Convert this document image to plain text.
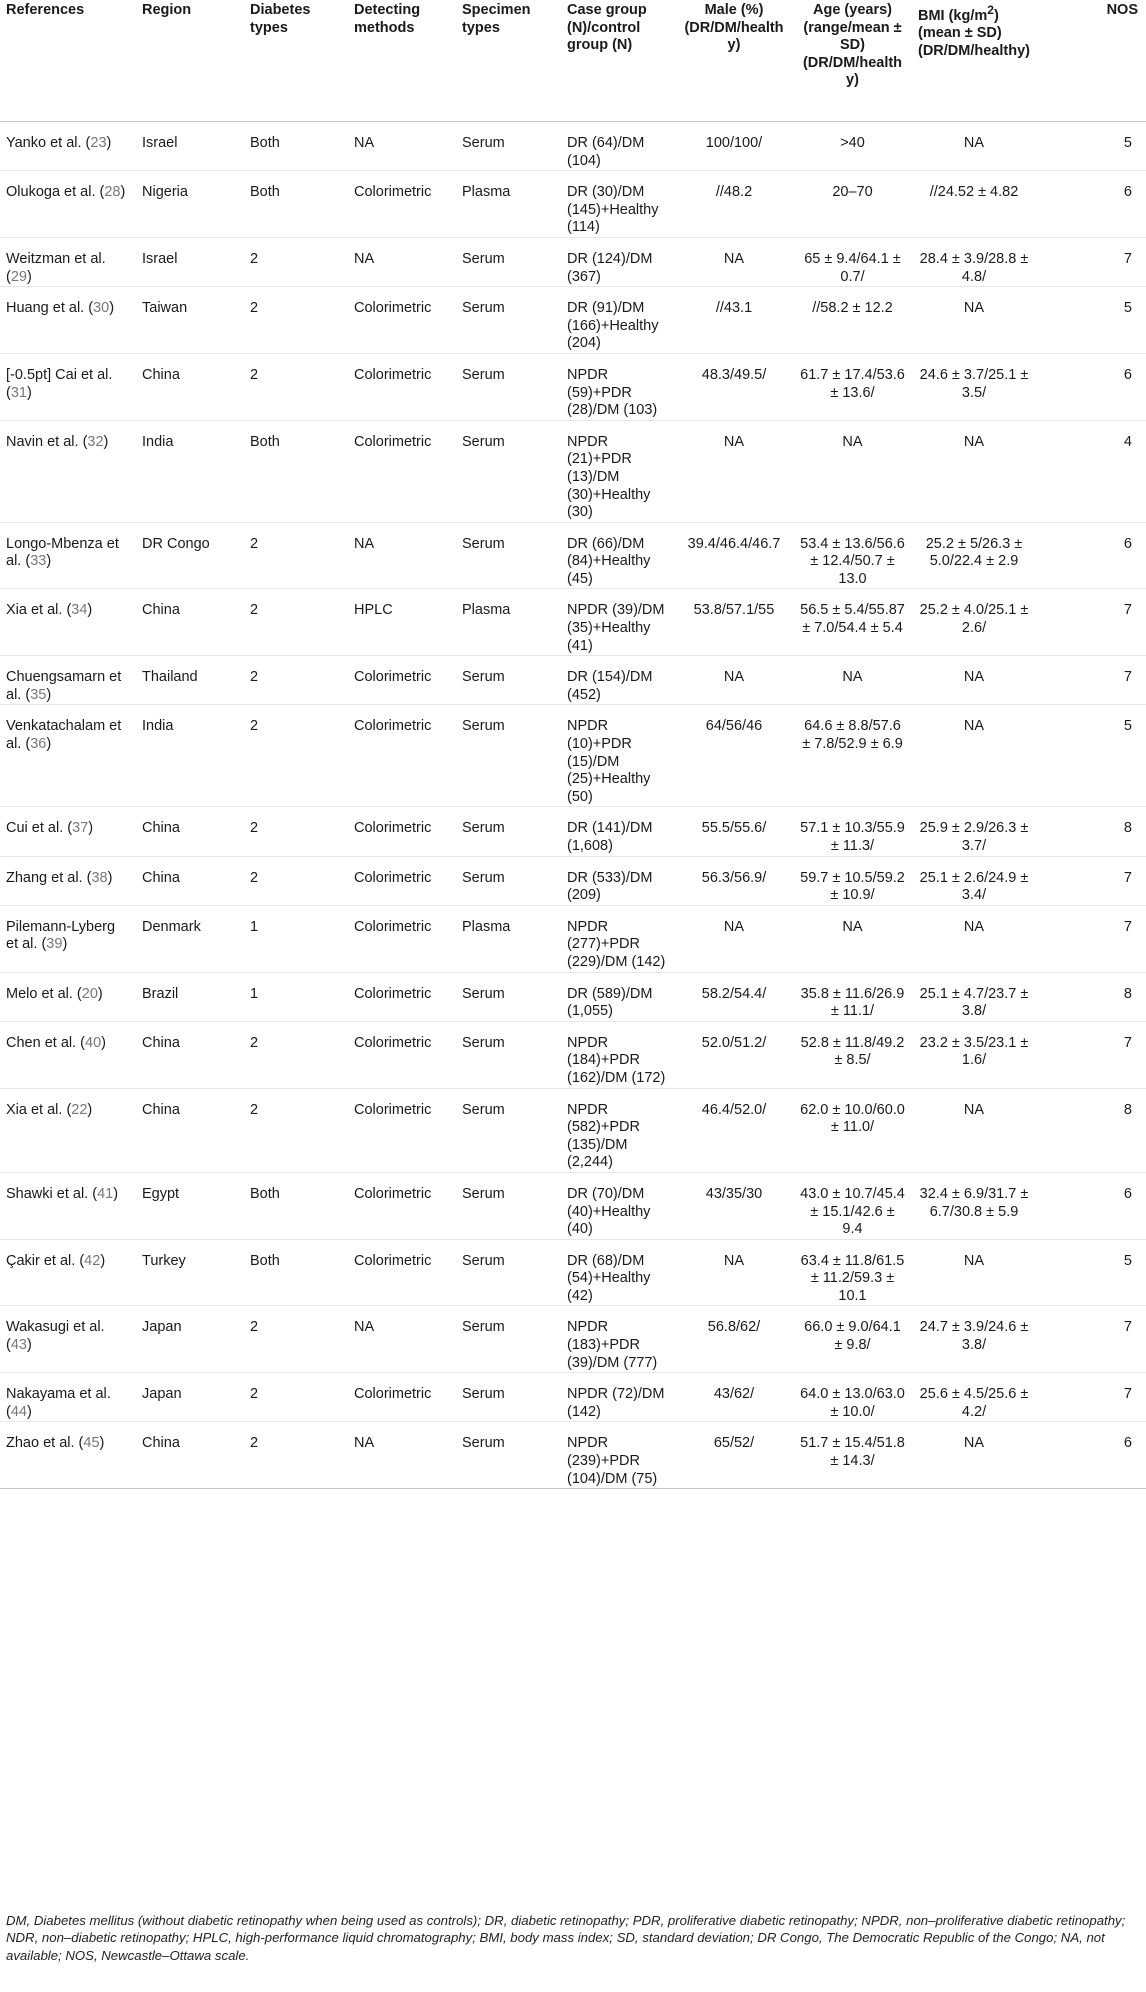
References	Region	Diabetes types	Detecting methods	Specimen types	Case group (N)/control group (N)	Male (%) (DR/DM/healthy)	Age (years) (range/mean ± SD) (DR/DM/healthy)	BMI $(kg/m^2)$ (mean ± SD) (DR/DM/healthy)	NOS
Yanko et al. (23)	Israel	Both	NA	Serum	DR (64)/DM (104)	100/100/	>40	NA	5
Olukoga et al. (28)	Nigeria	Both	Colorimetric	Plasma	DR (30)/DM (145)+Healthy (114)	//48.2	20–70	//24.52 ± 4.82	6
Weitzman et al. (29)	Israel	2	NA	Serum	DR (124)/DM (367)	NA	65 ± 9.4/64.1 ± 0.7/	28.4 ± 3.9/28.8 ± 4.8/	7
Huang et al. (30)	Taiwan	2	Colorimetric	Serum	DR (91)/DM (166)+Healthy (204)	//43.1	//58.2 ± 12.2	NA	5
[-0.5pt] Cai et al. (31)	China	2	Colorimetric	Serum	NPDR (59)+PDR (28)/DM (103)	48.3/49.5/	61.7 ± 17.4/53.6 ± 13.6/	24.6 ± 3.7/25.1 ± 3.5/	6
Navin et al. (32)	India	Both	Colorimetric	Serum	NPDR (21)+PDR (13)/DM (30)+Healthy (30)	NA	NA	NA	4
Longo-Mbenza et al. (33)	DR Congo	2	NA	Serum	DR (66)/DM (84)+Healthy (45)	39.4/46.4/46.7	53.4 ± 13.6/56.6 ± 12.4/50.7 ± 13.0	25.2 ± 5/26.3 ± 5.0/22.4 ± 2.9	6
Xia et al. (34)	China	2	HPLC	Plasma	NPDR (39)/DM (35)+Healthy (41)	53.8/57.1/55	56.5 ± 5.4/55.87 ± 7.0/54.4 ± 5.4	25.2 ± 4.0/25.1 ± 2.6/	7
Chuengsamarn et al. (35)	Thailand	2	Colorimetric	Serum	DR (154)/DM (452)	NA	NA	NA	7
Venkatachalam et al. (36)	India	2	Colorimetric	Serum	NPDR (10)+PDR (15)/DM (25)+Healthy (50)	64/56/46	64.6 ± 8.8/57.6 ± 7.8/52.9 ± 6.9	NA	5
Cui et al. (37)	China	2	Colorimetric	Serum	DR (141)/DM (1,608)	55.5/55.6/	57.1 ± 10.3/55.9 ± 11.3/	25.9 ± 2.9/26.3 ± 3.7/	8
Zhang et al. (38)	China	2	Colorimetric	Serum	DR (533)/DM (209)	56.3/56.9/	59.7 ± 10.5/59.2 ± 10.9/	25.1 ± 2.6/24.9 ± 3.4/	7
Pilemann-Lyberg et al. (39)	Denmark	1	Colorimetric	Plasma	NPDR (277)+PDR (229)/DM (142)	NA	NA	NA	7
Melo et al. (20)	Brazil	1	Colorimetric	Serum	DR (589)/DM (1,055)	58.2/54.4/	35.8 ± 11.6/26.9 ± 11.1/	25.1 ± 4.7/23.7 ± 3.8/	8
Chen et al. (40)	China	2	Colorimetric	Serum	NPDR (184)+PDR (162)/DM (172)	52.0/51.2/	52.8 ± 11.8/49.2 ± 8.5/	23.2 ± 3.5/23.1 ± 1.6/	7
Xia et al. (22)	China	2	Colorimetric	Serum	NPDR (582)+PDR (135)/DM (2,244)	46.4/52.0/	62.0 ± 10.0/60.0 ± 11.0/	NA	8
Shawki et al. (41)	Egypt	Both	Colorimetric	Serum	DR (70)/DM (40)+Healthy (40)	43/35/30	43.0 ± 10.7/45.4 ± 15.1/42.6 ± 9.4	32.4 ± 6.9/31.7 ± 6.7/30.8 ± 5.9	6
Çakir et al. (42)	Turkey	Both	Colorimetric	Serum	DR (68)/DM (54)+Healthy (42)	NA	63.4 ± 11.8/61.5 ± 11.2/59.3 ± 10.1	NA	5
Wakasugi et al. (43)	Japan	2	NA	Serum	NPDR (183)+PDR (39)/DM (777)	56.8/62/	66.0 ± 9.0/64.1 ± 9.8/	24.7 ± 3.9/24.6 ± 3.8/	7
Nakayama et al. (44)	Japan	2	Colorimetric	Serum	NPDR (72)/DM (142)	43/62/	64.0 ± 13.0/63.0 ± 10.0/	25.6 ± 4.5/25.6 ± 4.2/	7
Zhao et al. (45)	China	2	NA	Serum	NPDR (239)+PDR (104)/DM (75)	65/52/	51.7 ± 15.4/51.8 ± 14.3/	NA	6
DM, Diabetes mellitus (without diabetic retinopathy when being used as controls); DR, diabetic retinopathy; PDR, proliferative diabetic retinopathy; NPDR, non–proliferative diabetic retinopathy; NDR, non–diabetic retinopathy; HPLC, high-performance liquid chromatography; BMI, body mass index; SD, standard deviation; DR Congo, The Democratic Republic of the Congo; NA, not available; NOS, Newcastle–Ottawa scale.
